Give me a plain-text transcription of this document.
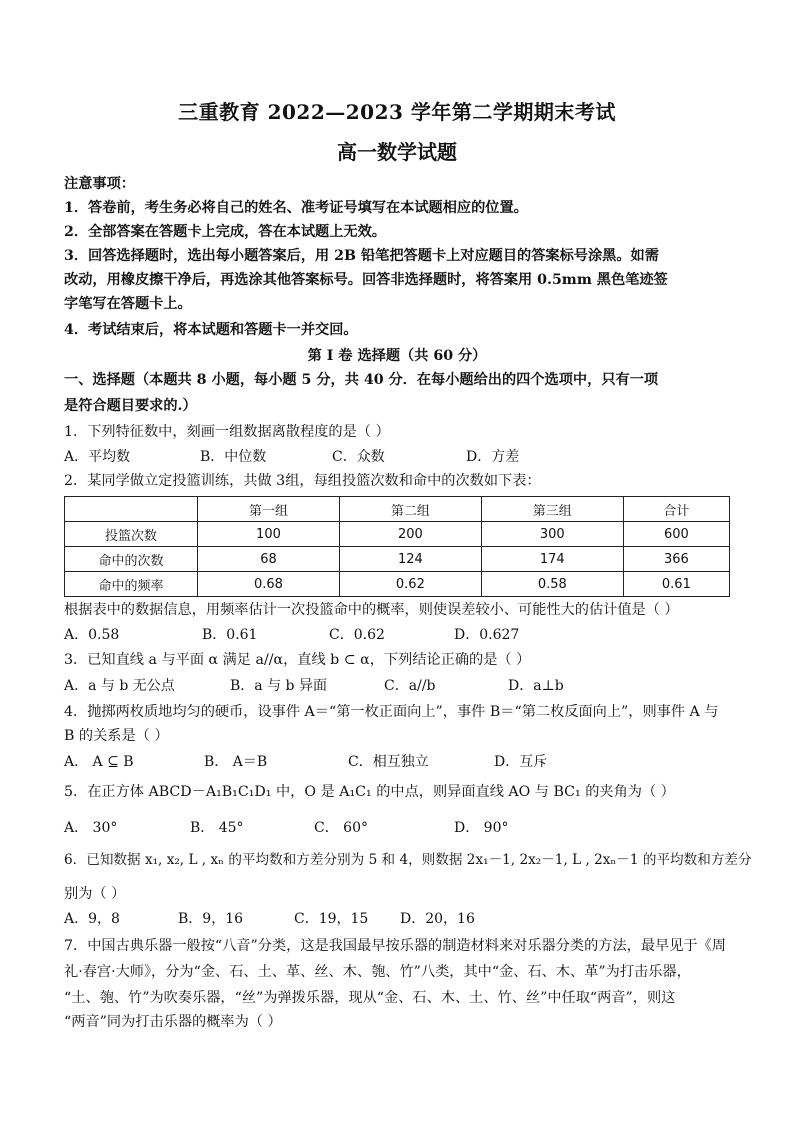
三重教育 2022—2023 学年第二学期期末考试
高一数学试题
注意事项：
1．答卷前，考生务必将自己的姓名、准考证号填写在本试题相应的位置。
2．全部答案在答题卡上完成，答在本试题上无效。
3．回答选择题时，选出每小题答案后，用 2B 铅笔把答题卡上对应题目的答案标号涂黑。如需
改动，用橡皮擦干净后，再选涂其他答案标号。回答非选择题时，将答案用 0.5mm 黑色笔迹签
字笔写在答题卡上。
4．考试结束后，将本试题和答题卡一并交回。
第 I 卷 选择题（共 60 分）
一、选择题（本题共 8 小题，每小题 5 分，共 40 分．在每小题给出的四个选项中，只有一项
是符合题目要求的.）
1．下列特征数中，刻画一组数据离散程度的是（ ）
A．平均数	B．中位数	C．众数	D．方差
2．某同学做立定投篮训练，共做 3组，每组投篮次数和命中的次数如下表：
	第一组	第二组	第三组	合计
投篮次数	100	200	300	600
命中的次数	68	124	174	366
命中的频率	0.68	0.62	0.58	0.61
根据表中的数据信息，用频率估计一次投篮命中的概率，则使误差较小、可能性大的估计值是（ ）
A．0.58	B．0.61	C．0.62	D．0.627
3．已知直线 a 与平面 α 满足 a//α，直线 b ⊂ α，下列结论正确的是（ ）
A．a 与 b 无公点	B．a 与 b 异面	C．a//b	D．a⊥b
4．抛掷两枚质地均匀的硬币，设事件 A＝“第一枚正面向上”，事件 B＝“第二枚反面向上”，则事件 A 与
B 的关系是（ ）
A． A ⊆ B	B． A＝B	C．相互独立	D．互斥
5．在正方体 ABCD－A₁B₁C₁D₁ 中，O 是 A₁C₁ 的中点，则异面直线 AO 与 BC₁ 的夹角为（ ）
A． 30°	B． 45°	C． 60°	D． 90°
6．已知数据 x₁, x₂, L , xₙ 的平均数和方差分别为 5 和 4，则数据 2x₁－1, 2x₂－1, L , 2xₙ－1 的平均数和方差分
别为（ ）
A．9，8	B．9，16	C．19，15	D．20，16
7．中国古典乐器一般按“八音”分类，这是我国最早按乐器的制造材料来对乐器分类的方法，最早见于《周
礼·春宫·大师》，分为“金、石、土、革、丝、木、匏、竹”八类，其中“金、石、木、革”为打击乐器，
“土、匏、竹”为吹奏乐器，“丝”为弹拨乐器，现从“金、石、木、土、竹、丝”中任取“两音”，则这
“两音”同为打击乐器的概率为（ ）
